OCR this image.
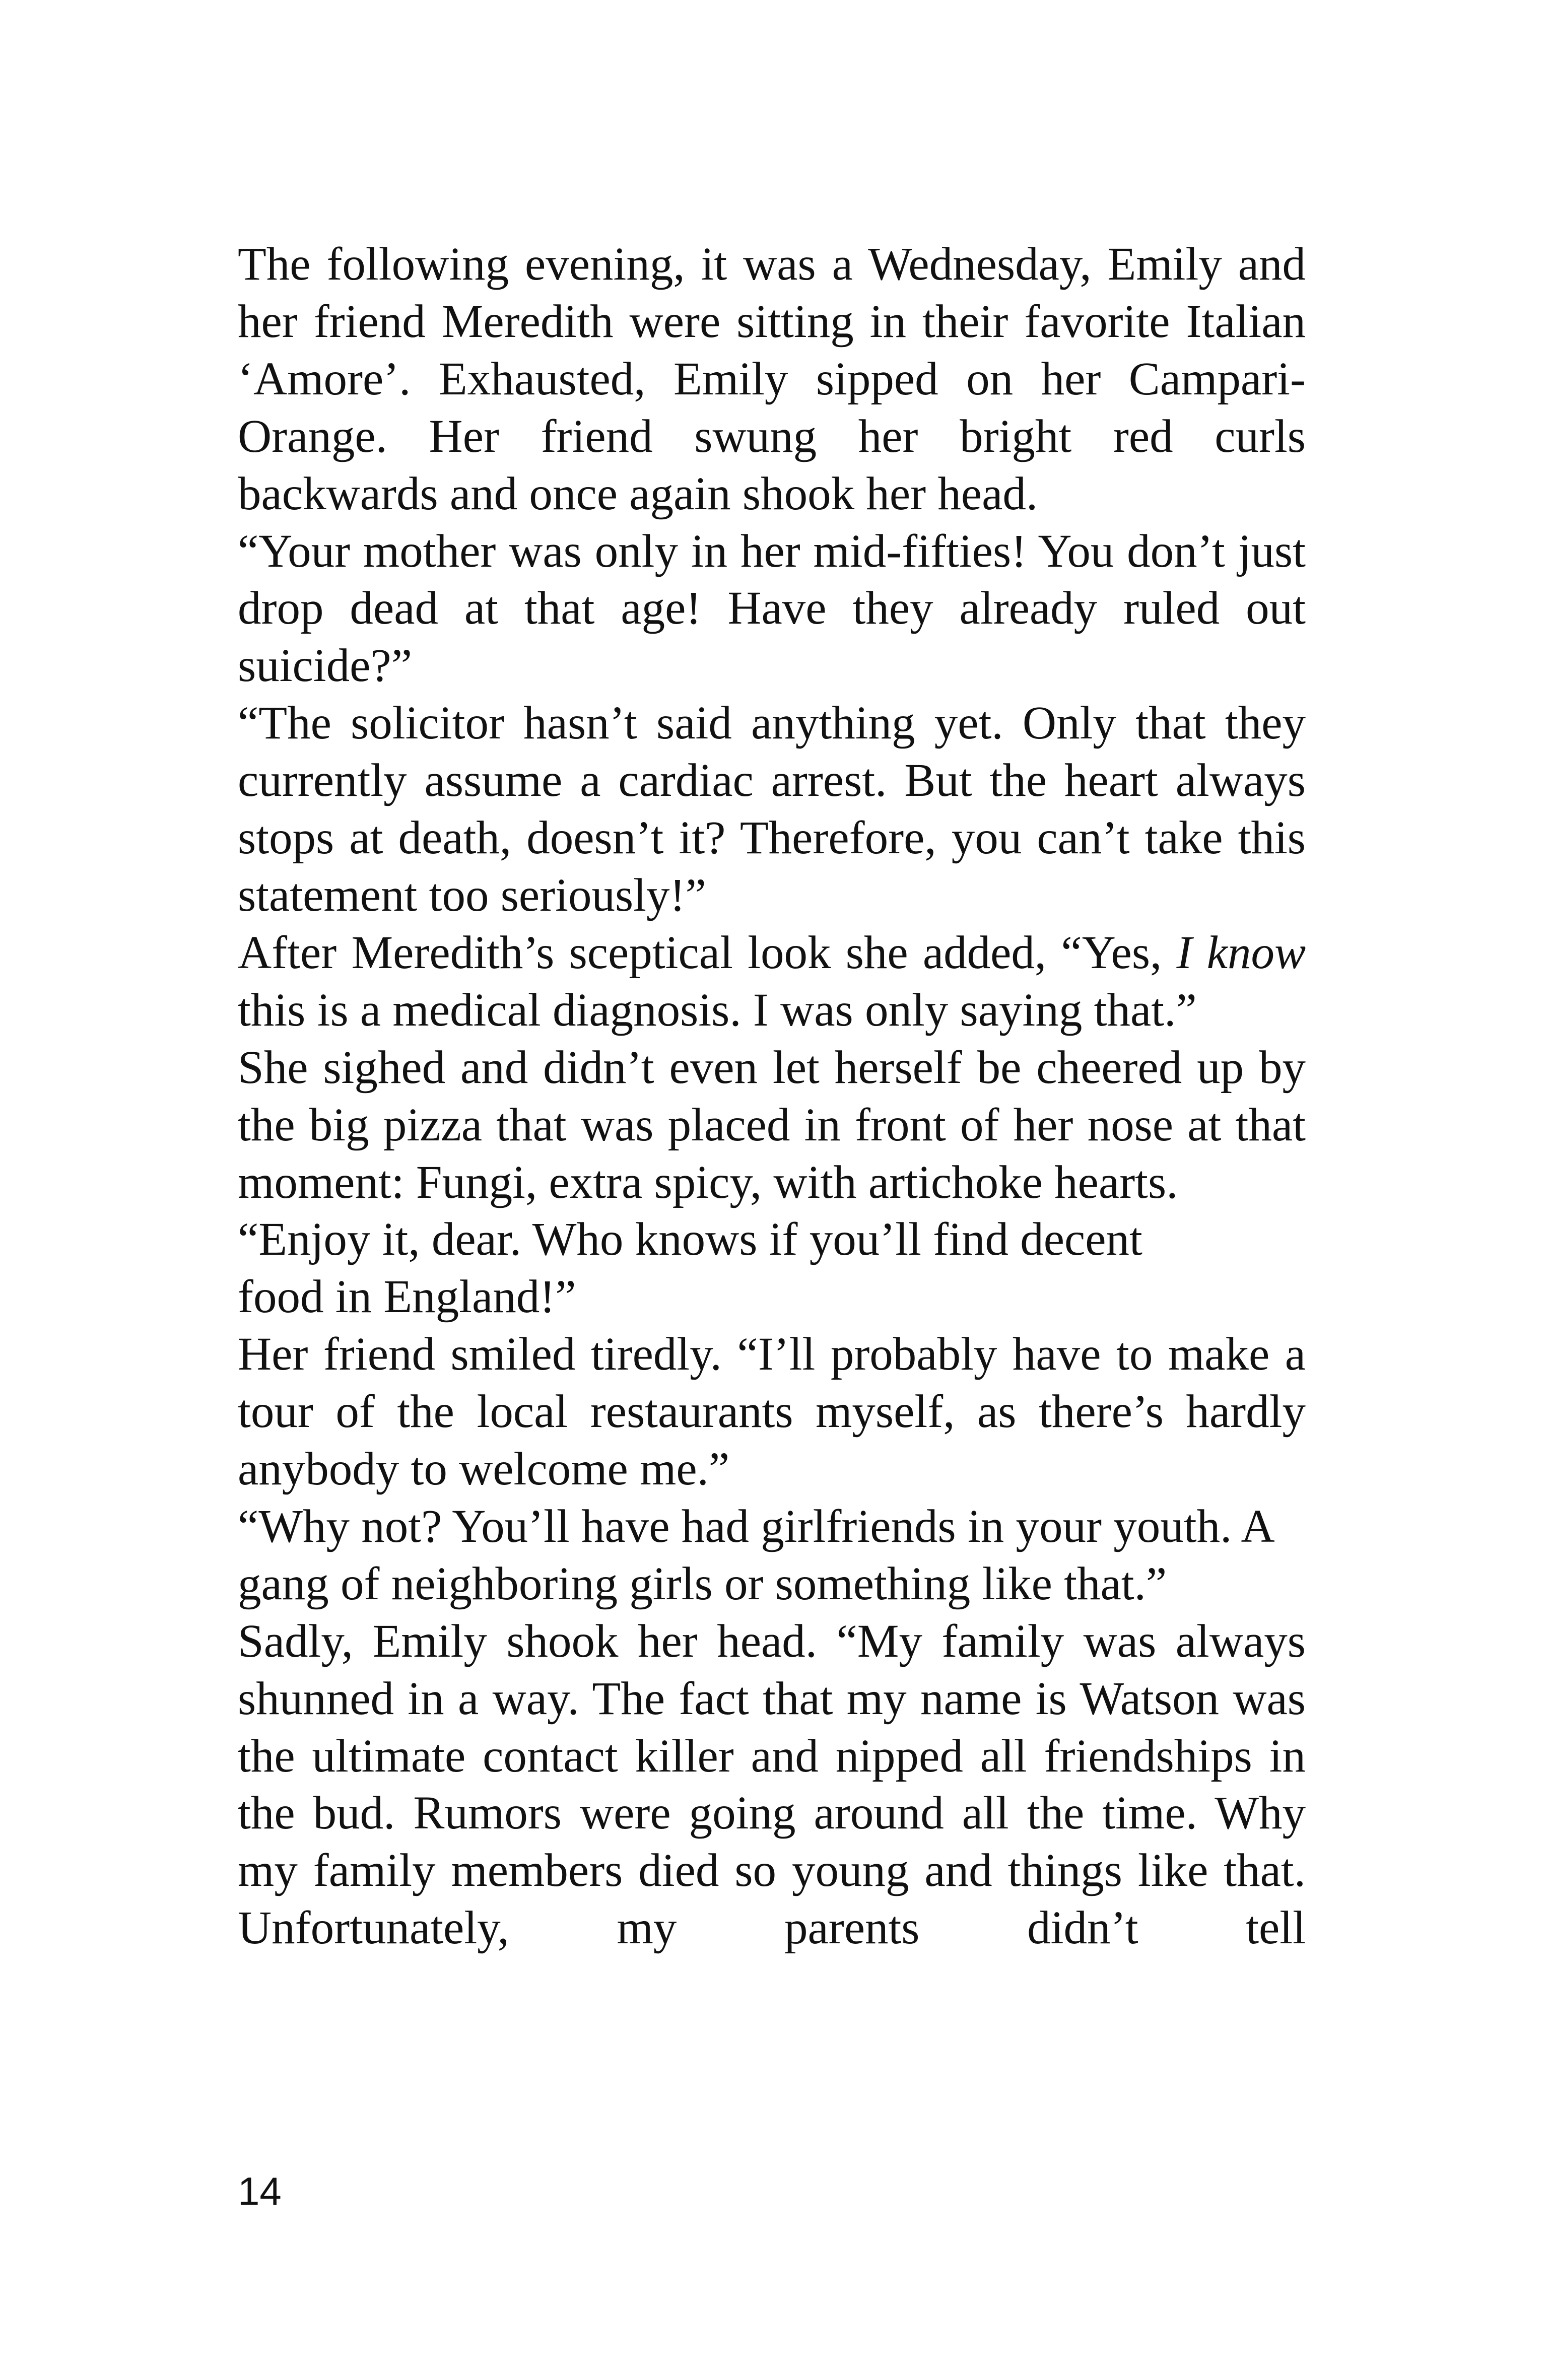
The following evening, it was a Wednesday, Emily and her friend Meredith were sitting in their favorite Italian ‘Amore’. Exhausted, Emily sipped on her Campari-Orange. Her friend swung her bright red curls backwards and once again shook her head.

“Your mother was only in her mid-fifties! You don’t just drop dead at that age! Have they already ruled out suicide?”

“The solicitor hasn’t said anything yet. Only that they currently assume a cardiac arrest. But the heart always stops at death, doesn’t it? Therefore, you can’t take this statement too seriously!”

After Meredith’s sceptical look she added, “Yes, I know this is a medical diagnosis. I was only saying that.”

She sighed and didn’t even let herself be cheered up by the big pizza that was placed in front of her nose at that moment: Fungi, extra spicy, with artichoke hearts.

“Enjoy it, dear. Who knows if you’ll find decent food in England!”

Her friend smiled tiredly. “I’ll probably have to make a tour of the local restaurants myself, as there’s hardly anybody to welcome me.”

“Why not? You’ll have had girlfriends in your youth. A gang of neighboring girls or something like that.”

Sadly, Emily shook her head. “My family was always shunned in a way. The fact that my name is Watson was the ultimate contact killer and nipped all friendships in the bud. Rumors were going around all the time. Why my family members died so young and things like that. Unfortunately, my parents didn’t tell

14
